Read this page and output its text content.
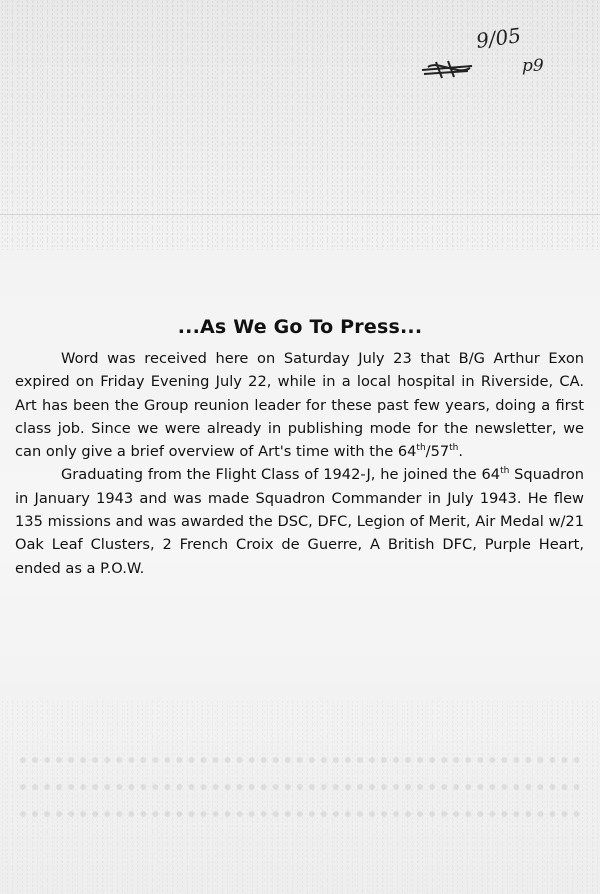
9/05
p9
...As We Go To Press...

Word was received here on Saturday July 23 that B/G Arthur Exon expired on Friday Evening July 22, while in a local hospital in Riverside, CA. Art has been the Group reunion leader for these past few years, doing a first class job. Since we were already in publishing mode for the newsletter, we can only give a brief overview of Art's time with the 64th/57th.

Graduating from the Flight Class of 1942-J, he joined the 64th Squadron in January 1943 and was made Squadron Commander in July 1943. He flew 135 missions and was awarded the DSC, DFC, Legion of Merit, Air Medal w/21 Oak Leaf Clusters, 2 French Croix de Guerre, A British DFC, Purple Heart, ended as a P.O.W.
